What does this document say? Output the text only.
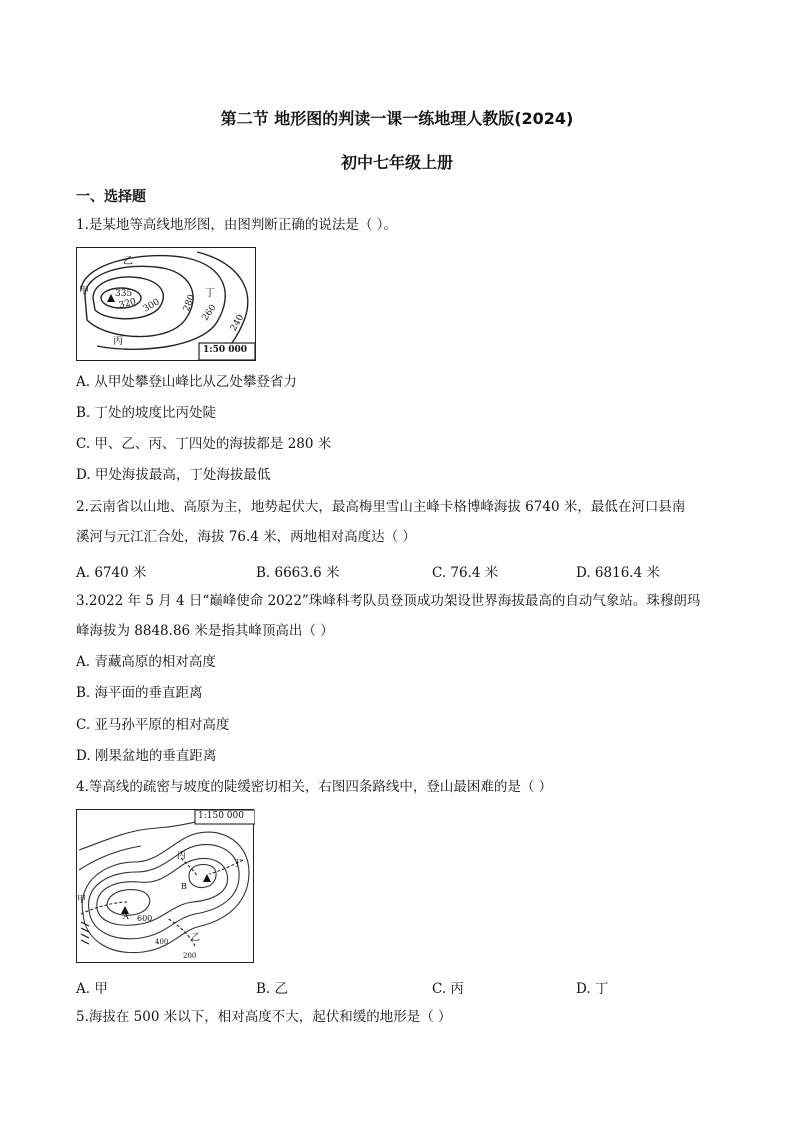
第二节 地形图的判读一课一练地理人教版(2024)
初中七年级上册
一、选择题
1.是某地等高线地形图，由图判断正确的说法是（ ）。
335
320 300 280
260
240
甲
乙
丙
丁
1:50 000
A. 从甲处攀登山峰比从乙处攀登省力
B. 丁处的坡度比丙处陡
C. 甲、乙、丙、丁四处的海拔都是 280 米
D. 甲处海拔最高，丁处海拔最低
2.云南省以山地、高原为主，地势起伏大，最高梅里雪山主峰卡格博峰海拔 6740 米，最低在河口县南
溪河与元江汇合处，海拔 76.4 米，两地相对高度达（ ）
A. 6740 米	B. 6663.6 米	C. 76.4 米	D. 6816.4 米
3.2022 年 5 月 4 日“巅峰使命 2022”珠峰科考队员登顶成功架设世界海拔最高的自动气象站。珠穆朗玛
峰海拔为 8848.86 米是指其峰顶高出（ ）
A. 青藏高原的相对高度
B. 海平面的垂直距离
C. 亚马孙平原的相对高度
D. 刚果盆地的垂直距离
4.等高线的疏密与坡度的陡缓密切相关，右图四条路线中，登山最困难的是（ ）
A
B
600
400
200
甲
乙
丙
丁
1:150 000
A. 甲	B. 乙	C. 丙	D. 丁
5.海拔在 500 米以下，相对高度不大，起伏和缓的地形是（ ）
